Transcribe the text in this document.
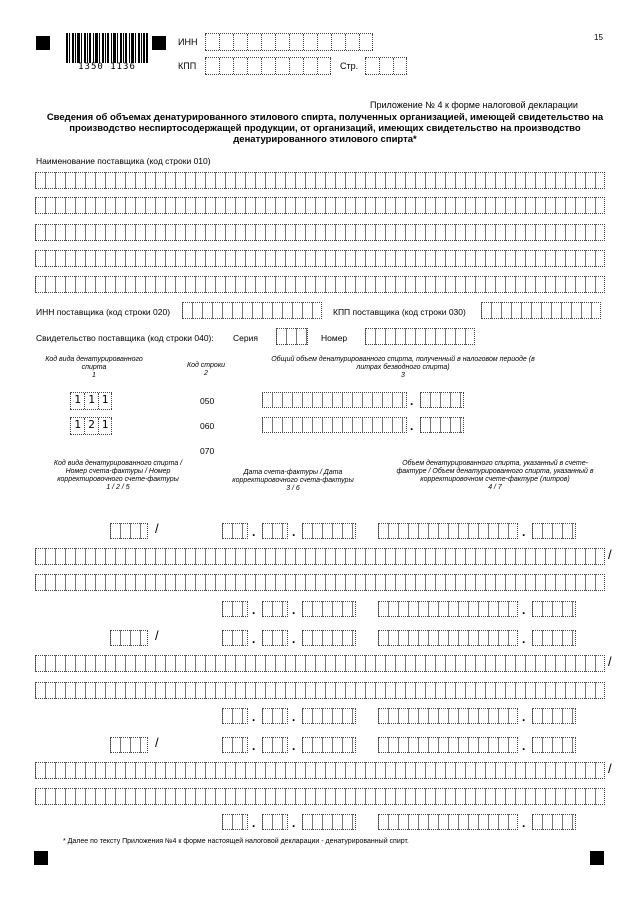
1350 1136
ИНН
КПП	Стр.
15
Приложение № 4 к форме налоговой декларации
Сведения об объемах денатурированного этилового спирта, полученных организацией, имеющей свидетельство на производство неспиртосодержащей продукции, от организаций, имеющих свидетельство на производство денатурированного этилового спирта*
Наименование поставщика (код строки 010)
ИНН поставщика (код строки 020)	КПП поставщика (код строки 030)
Свидетельство поставщика (код строки 040): Серия	Номер
Код вида денатурированного спирта
1
Код строки
2
Общий объем денатурированного спирта, полученный в налоговом периоде (в литрах безводного спирта)
3
1 1 1	050	.
1 2 1	060	.
070
Код вида денатурированного спирта / Номер счета-фактуры / Номер корректировочного счете-фактуры
1 / 2 / 5
Дата счета-фактуры / Дата корректировочного счета-фактуры
3 / 6
Объем денатурированного спирта, указанный в счете-фактуре / Объем денатурированного спирта, указанный в корректировочном счете-фактуре (литров)
4 / 7
/	.	.	.
/
.	.	.
/	.	.	.
/
.	.	.
/	.	.	.
/
.	.	.
* Далее по тексту Приложения №4 к форме настоящей налоговой декларации - денатурированный спирт.
